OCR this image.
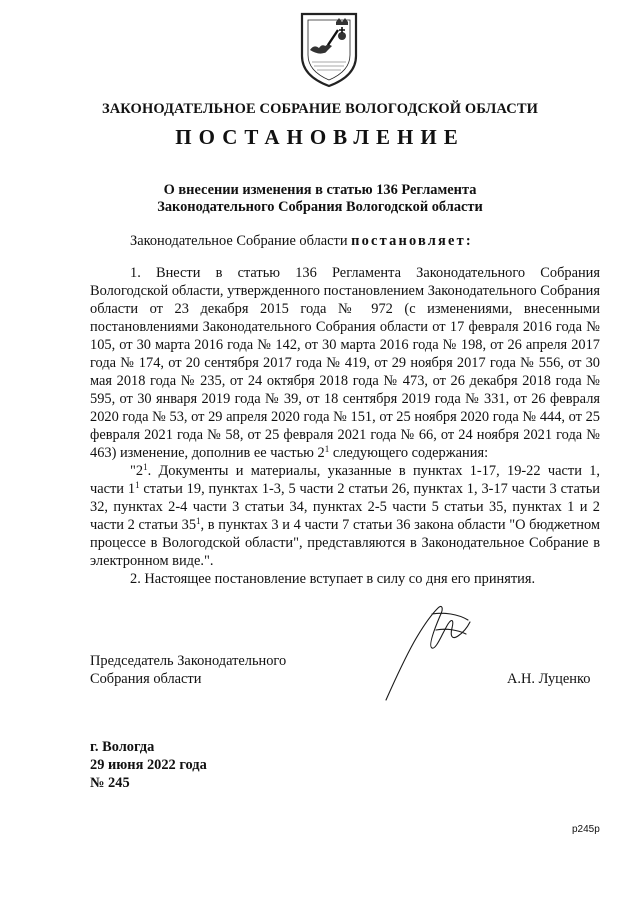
ЗАКОНОДАТЕЛЬНОЕ СОБРАНИЕ ВОЛОГОДСКОЙ ОБЛАСТИ
ПОСТАНОВЛЕНИЕ
О внесении изменения в статью 136 Регламента
Законодательного Собрания Вологодской области
Законодательное Собрание области постановляет:

1. Внести в статью 136 Регламента Законодательного Собрания Вологодской области, утвержденного постановлением Законодательного Собрания области от 23 декабря 2015 года № 972 (с изменениями, внесенными постановлениями Законодательного Собрания области от 17 февраля 2016 года № 105, от 30 марта 2016 года № 142, от 30 марта 2016 года № 198, от 26 апреля 2017 года № 174, от 20 сентября 2017 года № 419, от 29 ноября 2017 года № 556, от 30 мая 2018 года № 235, от 24 октября 2018 года № 473, от 26 декабря 2018 года № 595, от 30 января 2019 года № 39, от 18 сентября 2019 года № 331, от 26 февраля 2020 года № 53, от 29 апреля 2020 года № 151, от 25 ноября 2020 года № 444, от 25 февраля 2021 года № 58, от 25 февраля 2021 года № 66, от 24 ноября 2021 года № 463) изменение, дополнив ее частью $2^1$ следующего содержания:

"$2^1$. Документы и материалы, указанные в пунктах 1-17, 19-22 части 1, части $1^1$ статьи 19, пунктах 1-3, 5 части 2 статьи 26, пунктах 1, 3-17 части 3 статьи 32, пунктах 2-4 части 3 статьи 34, пунктах 2-5 части 5 статьи 35, пунктах 1 и 2 части 2 статьи $35^1$, в пунктах 3 и 4 части 7 статьи 36 закона области "О бюджетном процессе в Вологодской области", представляются в Законодательное Собрание в электронном виде.".

2. Настоящее постановление вступает в силу со дня его принятия.

Председатель Законодательного
Собрания области	А.Н. Луценко
г. Вологда
29 июня 2022 года
№ 245
р245р
